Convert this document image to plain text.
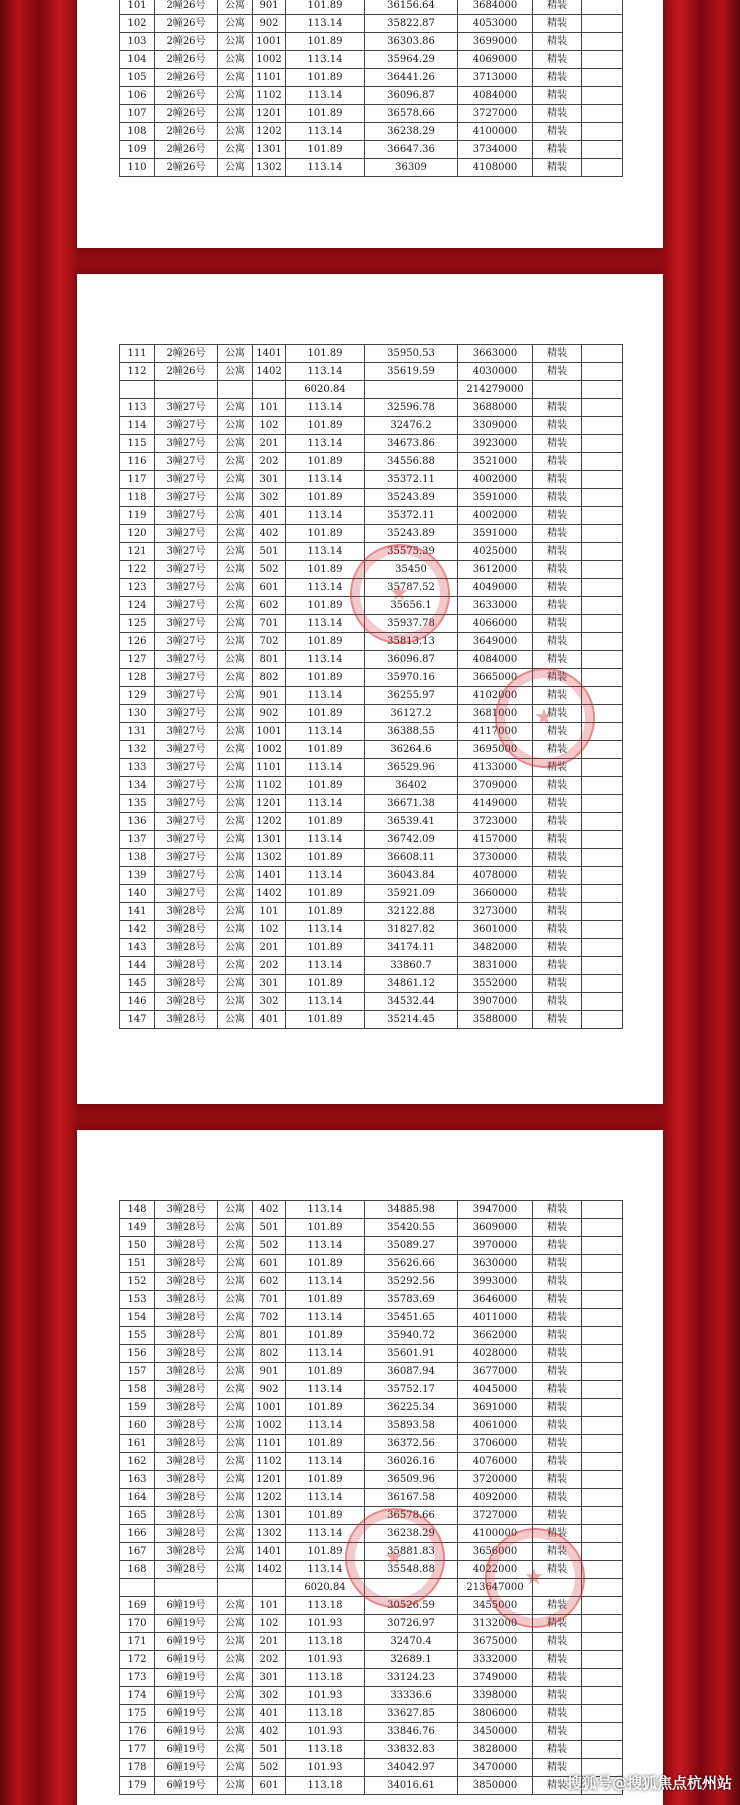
101	2幢26号	公寓	901	101.89	36156.64	3684000	精装	
102	2幢26号	公寓	902	113.14	35822.87	4053000	精装	
103	2幢26号	公寓	1001	101.89	36303.86	3699000	精装	
104	2幢26号	公寓	1002	113.14	35964.29	4069000	精装	
105	2幢26号	公寓	1101	101.89	36441.26	3713000	精装	
106	2幢26号	公寓	1102	113.14	36096.87	4084000	精装	
107	2幢26号	公寓	1201	101.89	36578.66	3727000	精装	
108	2幢26号	公寓	1202	113.14	36238.29	4100000	精装	
109	2幢26号	公寓	1301	101.89	36647.36	3734000	精装	
110	2幢26号	公寓	1302	113.14	36309	4108000	精装	
111	2幢26号	公寓	1401	101.89	35950.53	3663000	精装	
112	2幢26号	公寓	1402	113.14	35619.59	4030000	精装	
				6020.84		214279000		
113	3幢27号	公寓	101	113.14	32596.78	3688000	精装	
114	3幢27号	公寓	102	101.89	32476.2	3309000	精装	
115	3幢27号	公寓	201	113.14	34673.86	3923000	精装	
116	3幢27号	公寓	202	101.89	34556.88	3521000	精装	
117	3幢27号	公寓	301	113.14	35372.11	4002000	精装	
118	3幢27号	公寓	302	101.89	35243.89	3591000	精装	
119	3幢27号	公寓	401	113.14	35372.11	4002000	精装	
120	3幢27号	公寓	402	101.89	35243.89	3591000	精装	
121	3幢27号	公寓	501	113.14	35575.39	4025000	精装	
122	3幢27号	公寓	502	101.89	35450	3612000	精装	
123	3幢27号	公寓	601	113.14	35787.52	4049000	精装	
124	3幢27号	公寓	602	101.89	35656.1	3633000	精装	
125	3幢27号	公寓	701	113.14	35937.78	4066000	精装	
126	3幢27号	公寓	702	101.89	35813.13	3649000	精装	
127	3幢27号	公寓	801	113.14	36096.87	4084000	精装	
128	3幢27号	公寓	802	101.89	35970.16	3665000	精装	
129	3幢27号	公寓	901	113.14	36255.97	4102000	精装	
130	3幢27号	公寓	902	101.89	36127.2	3681000	精装	
131	3幢27号	公寓	1001	113.14	36388.55	4117000	精装	
132	3幢27号	公寓	1002	101.89	36264.6	3695000	精装	
133	3幢27号	公寓	1101	113.14	36529.96	4133000	精装	
134	3幢27号	公寓	1102	101.89	36402	3709000	精装	
135	3幢27号	公寓	1201	113.14	36671.38	4149000	精装	
136	3幢27号	公寓	1202	101.89	36539.41	3723000	精装	
137	3幢27号	公寓	1301	113.14	36742.09	4157000	精装	
138	3幢27号	公寓	1302	101.89	36608.11	3730000	精装	
139	3幢27号	公寓	1401	113.14	36043.84	4078000	精装	
140	3幢27号	公寓	1402	101.89	35921.09	3660000	精装	
141	3幢28号	公寓	101	101.89	32122.88	3273000	精装	
142	3幢28号	公寓	102	113.14	31827.82	3601000	精装	
143	3幢28号	公寓	201	101.89	34174.11	3482000	精装	
144	3幢28号	公寓	202	113.14	33860.7	3831000	精装	
145	3幢28号	公寓	301	101.89	34861.12	3552000	精装	
146	3幢28号	公寓	302	113.14	34532.44	3907000	精装	
147	3幢28号	公寓	401	101.89	35214.45	3588000	精装	
148	3幢28号	公寓	402	113.14	34885.98	3947000	精装	
149	3幢28号	公寓	501	101.89	35420.55	3609000	精装	
150	3幢28号	公寓	502	113.14	35089.27	3970000	精装	
151	3幢28号	公寓	601	101.89	35626.66	3630000	精装	
152	3幢28号	公寓	602	113.14	35292.56	3993000	精装	
153	3幢28号	公寓	701	101.89	35783.69	3646000	精装	
154	3幢28号	公寓	702	113.14	35451.65	4011000	精装	
155	3幢28号	公寓	801	101.89	35940.72	3662000	精装	
156	3幢28号	公寓	802	113.14	35601.91	4028000	精装	
157	3幢28号	公寓	901	101.89	36087.94	3677000	精装	
158	3幢28号	公寓	902	113.14	35752.17	4045000	精装	
159	3幢28号	公寓	1001	101.89	36225.34	3691000	精装	
160	3幢28号	公寓	1002	113.14	35893.58	4061000	精装	
161	3幢28号	公寓	1101	101.89	36372.56	3706000	精装	
162	3幢28号	公寓	1102	113.14	36026.16	4076000	精装	
163	3幢28号	公寓	1201	101.89	36509.96	3720000	精装	
164	3幢28号	公寓	1202	113.14	36167.58	4092000	精装	
165	3幢28号	公寓	1301	101.89	36578.66	3727000	精装	
166	3幢28号	公寓	1302	113.14	36238.29	4100000	精装	
167	3幢28号	公寓	1401	101.89	35881.83	3656000	精装	
168	3幢28号	公寓	1402	113.14	35548.88	4022000	精装	
				6020.84		213647000		
169	6幢19号	公寓	101	113.18	30526.59	3455000	精装	
170	6幢19号	公寓	102	101.93	30726.97	3132000	精装	
171	6幢19号	公寓	201	113.18	32470.4	3675000	精装	
172	6幢19号	公寓	202	101.93	32689.1	3332000	精装	
173	6幢19号	公寓	301	113.18	33124.23	3749000	精装	
174	6幢19号	公寓	302	101.93	33336.6	3398000	精装	
175	6幢19号	公寓	401	113.18	33627.85	3806000	精装	
176	6幢19号	公寓	402	101.93	33846.76	3450000	精装	
177	6幢19号	公寓	501	113.18	33832.83	3828000	精装	
178	6幢19号	公寓	502	101.93	34042.97	3470000	精装	
179	6幢19号	公寓	601	113.18	34016.61	3850000	精装	搜狐号@搜狐焦点杭州站
